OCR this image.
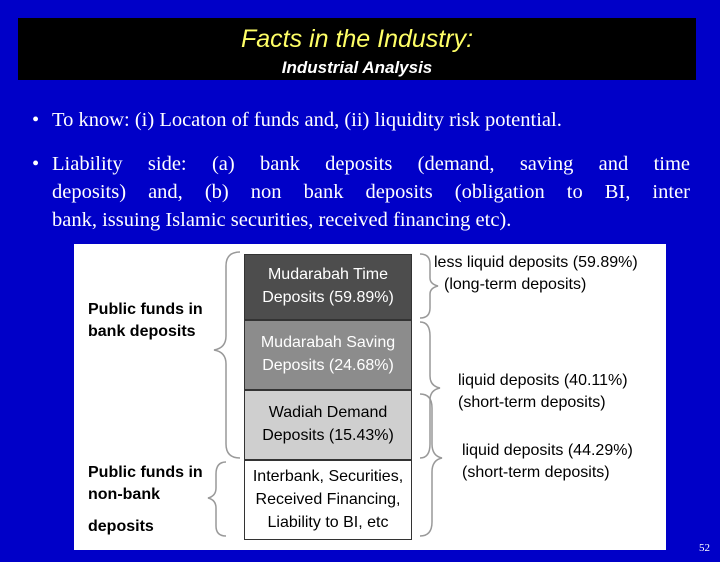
Facts in the Industry:
Industrial Analysis
• To know: (i) Locaton of funds and, (ii) liquidity risk potential.
• Liability side: (a) bank deposits (demand, saving and time
deposits) and, (b) non bank deposits (obligation to BI, inter
bank, issuing Islamic securities, received financing etc).
Public funds in
bank deposits
Public funds in
non-bank
deposits
Mudarabah Time
Deposits (59.89%)
Mudarabah Saving
Deposits (24.68%)
Wadiah Demand
Deposits (15.43%)
Interbank, Securities,
Received Financing,
Liability to BI, etc
less liquid deposits (59.89%)
(long-term deposits)
liquid deposits (40.11%)
(short-term deposits)
liquid deposits (44.29%)
(short-term deposits)
52
